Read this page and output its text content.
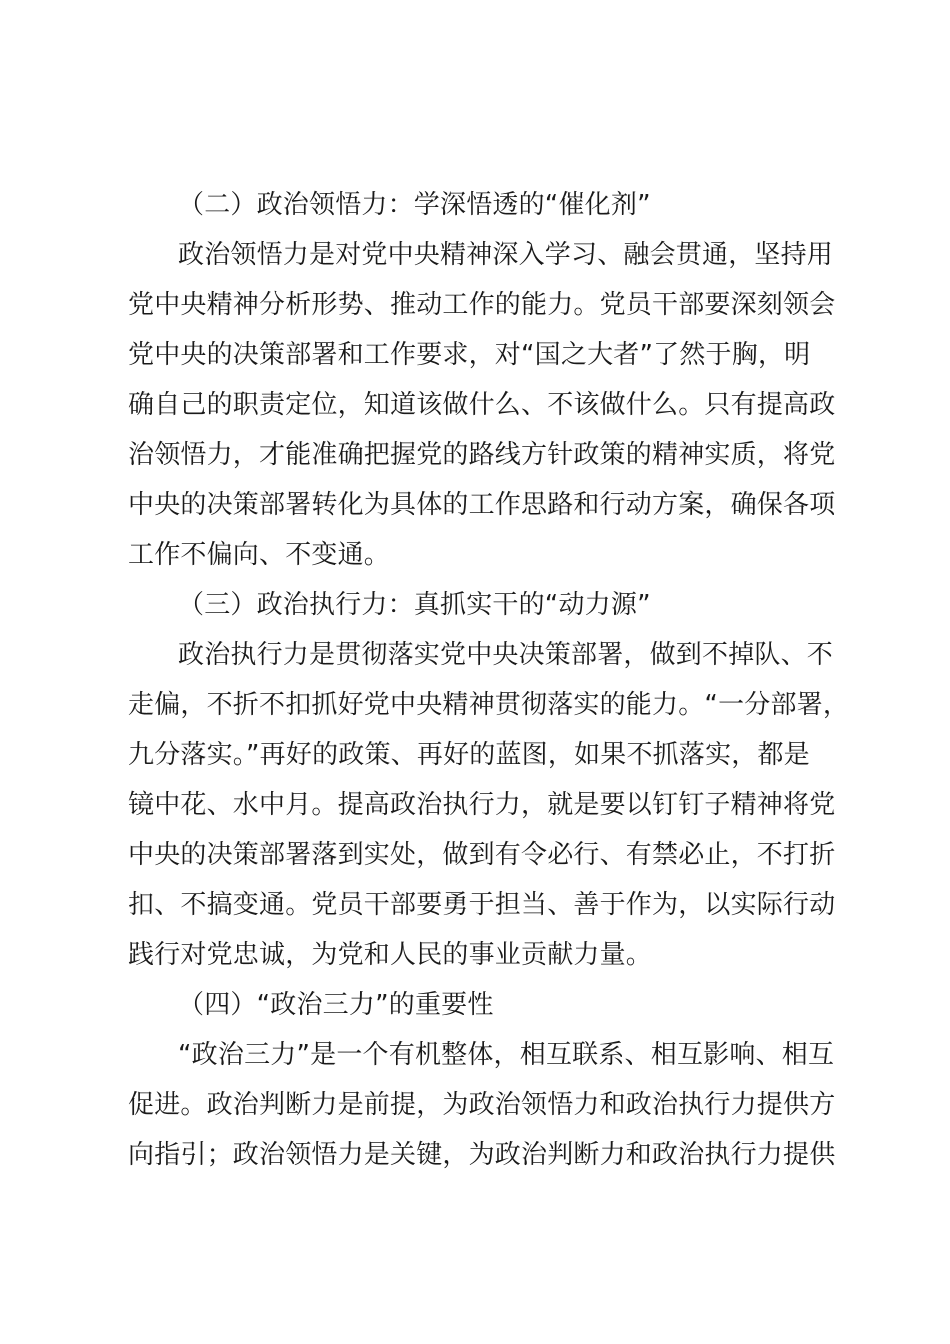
（二）政治领悟力：学深悟透的“催化剂”
政治领悟力是对党中央精神深入学习、融会贯通，坚持用
党中央精神分析形势、推动工作的能力。党员干部要深刻领会
党中央的决策部署和工作要求，对“国之大者”了然于胸，明
确自己的职责定位，知道该做什么、不该做什么。只有提高政
治领悟力，才能准确把握党的路线方针政策的精神实质，将党
中央的决策部署转化为具体的工作思路和行动方案，确保各项
工作不偏向、不变通。
（三）政治执行力：真抓实干的“动力源”
政治执行力是贯彻落实党中央决策部署，做到不掉队、不
走偏，不折不扣抓好党中央精神贯彻落实的能力。“一分部署，
九分落实。”再好的政策、再好的蓝图，如果不抓落实，都是
镜中花、水中月。提高政治执行力，就是要以钉钉子精神将党
中央的决策部署落到实处，做到有令必行、有禁必止，不打折
扣、不搞变通。党员干部要勇于担当、善于作为，以实际行动
践行对党忠诚，为党和人民的事业贡献力量。
（四）“政治三力”的重要性
“政治三力”是一个有机整体，相互联系、相互影响、相互
促进。政治判断力是前提，为政治领悟力和政治执行力提供方
向指引；政治领悟力是关键，为政治判断力和政治执行力提供
